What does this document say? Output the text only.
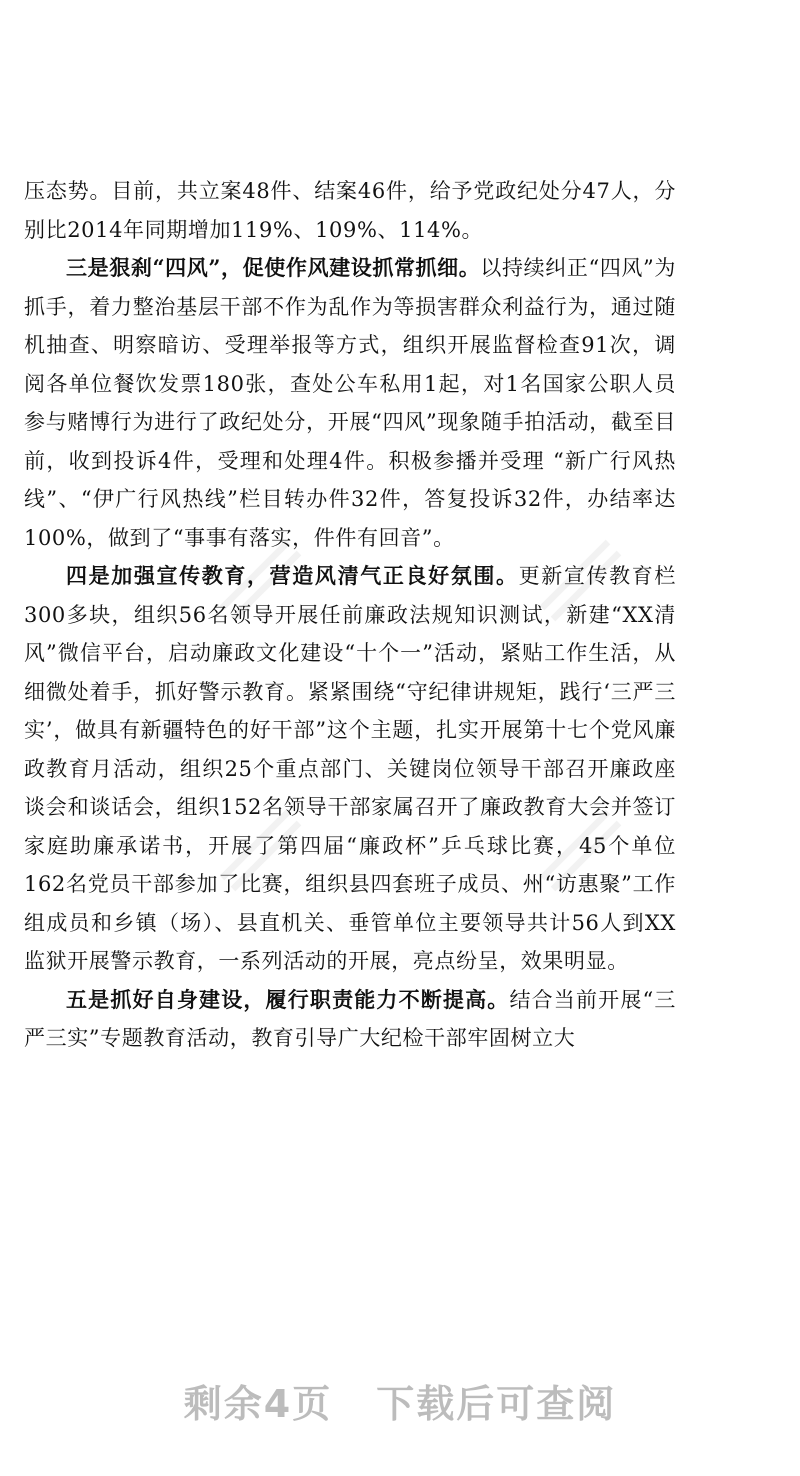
压态势。目前，共立案48件、结案46件，给予党政纪处分47人，分别比2014年同期增加119%、109%、114%。

三是狠刹“四风”，促使作风建设抓常抓细。以持续纠正“四风”为抓手，着力整治基层干部不作为乱作为等损害群众利益行为，通过随机抽查、明察暗访、受理举报等方式，组织开展监督检查91次，调阅各单位餐饮发票180张，查处公车私用1起，对1名国家公职人员参与赌博行为进行了政纪处分，开展“四风”现象随手拍活动，截至目前，收到投诉4件，受理和处理4件。积极参播并受理 “新广行风热线”、“伊广行风热线”栏目转办件32件，答复投诉32件，办结率达100%，做到了“事事有落实，件件有回音”。

四是加强宣传教育，营造风清气正良好氛围。更新宣传教育栏300多块，组织56名领导开展任前廉政法规知识测试，新建“XX清风”微信平台，启动廉政文化建设“十个一”活动，紧贴工作生活，从细微处着手，抓好警示教育。紧紧围绕“守纪律讲规矩，践行‘三严三实’，做具有新疆特色的好干部”这个主题，扎实开展第十七个党风廉政教育月活动，组织25个重点部门、关键岗位领导干部召开廉政座谈会和谈话会，组织152名领导干部家属召开了廉政教育大会并签订家庭助廉承诺书，开展了第四届“廉政杯”乒乓球比赛，45个单位162名党员干部参加了比赛，组织县四套班子成员、州“访惠聚”工作组成员和乡镇（场）、县直机关、垂管单位主要领导共计56人到XX监狱开展警示教育，一系列活动的开展，亮点纷呈，效果明显。

五是抓好自身建设，履行职责能力不断提高。结合当前开展“三严三实”专题教育活动，教育引导广大纪检干部牢固树立大

剩余4页 下载后可查阅
